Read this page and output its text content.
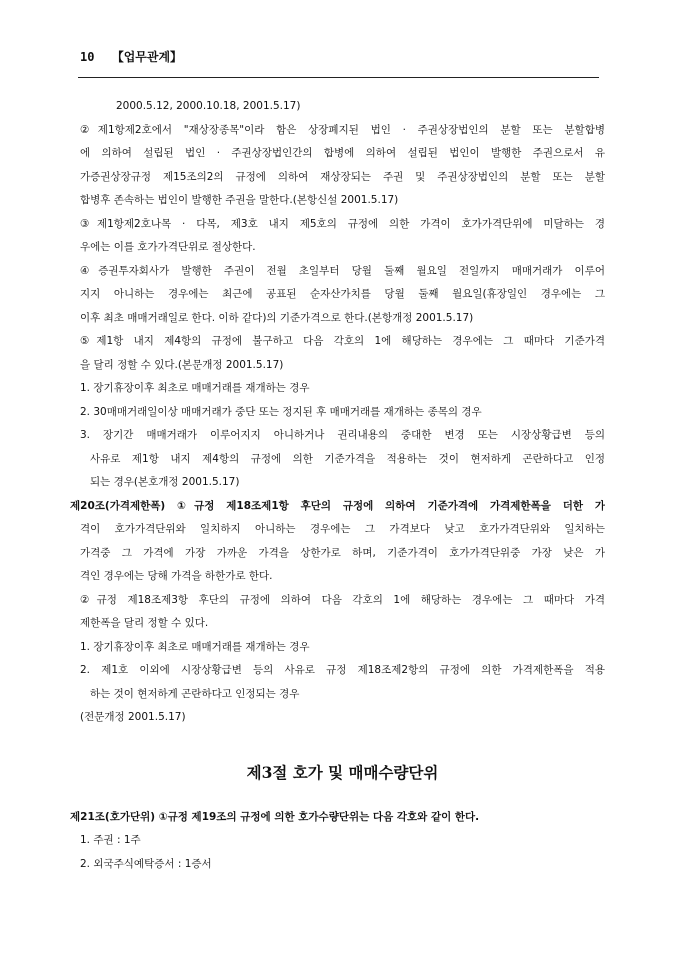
10 【업무관계】
2000.5.12, 2000.10.18, 2001.5.17)
②제1항제2호에서 "재상장종목"이라 함은 상장폐지된 법인 · 주권상장법인의 분할 또는 분할합병
에 의하여 설립된 법인 · 주권상장법인간의 합병에 의하여 설립된 법인이 발행한 주권으로서 유
가증권상장규정 제15조의2의 규정에 의하여 재상장되는 주권 및 주권상장법인의 분할 또는 분할
합병후 존속하는 법인이 발행한 주권을 말한다.(본항신설 2001.5.17)
③제1항제2호나목 · 다목, 제3호 내지 제5호의 규정에 의한 가격이 호가가격단위에 미달하는 경
우에는 이를 호가가격단위로 절상한다.
④증권투자회사가 발행한 주권이 전월 초일부터 당월 둘째 월요일 전일까지 매매거래가 이루어
지지 아니하는 경우에는 최근에 공표된 순자산가치를 당월 둘째 월요일(휴장일인 경우에는 그
이후 최초 매매거래일로 한다. 이하 같다)의 기준가격으로 한다.(본항개정 2001.5.17)
⑤제1항 내지 제4항의 규정에 불구하고 다음 각호의 1에 해당하는 경우에는 그 때마다 기준가격
을 달리 정할 수 있다.(본문개정 2001.5.17)
1. 장기휴장이후 최초로 매매거래를 재개하는 경우
2. 30매매거래일이상 매매거래가 중단 또는 정지된 후 매매거래를 재개하는 종목의 경우
3. 장기간 매매거래가 이루어지지 아니하거나 권리내용의 중대한 변경 또는 시장상황급변 등의
사유로 제1항 내지 제4항의 규정에 의한 기준가격을 적용하는 것이 현저하게 곤란하다고 인정
되는 경우(본호개정 2001.5.17)
제20조(가격제한폭) ①규정 제18조제1항 후단의 규정에 의하여 기준가격에 가격제한폭을 더한 가
격이 호가가격단위와 일치하지 아니하는 경우에는 그 가격보다 낮고 호가가격단위와 일치하는
가격중 그 가격에 가장 가까운 가격을 상한가로 하며, 기준가격이 호가가격단위중 가장 낮은 가
격인 경우에는 당해 가격을 하한가로 한다.
②규정 제18조제3항 후단의 규정에 의하여 다음 각호의 1에 해당하는 경우에는 그 때마다 가격
제한폭을 달리 정할 수 있다.
1. 장기휴장이후 최초로 매매거래를 재개하는 경우
2. 제1호 이외에 시장상황급변 등의 사유로 규정 제18조제2항의 규정에 의한 가격제한폭을 적용
하는 것이 현저하게 곤란하다고 인정되는 경우
(전문개정 2001.5.17)
제3절 호가 및 매매수량단위
제21조(호가단위) ①규정 제19조의 규정에 의한 호가수량단위는 다음 각호와 같이 한다.
1. 주권 : 1주
2. 외국주식예탁증서 : 1증서
